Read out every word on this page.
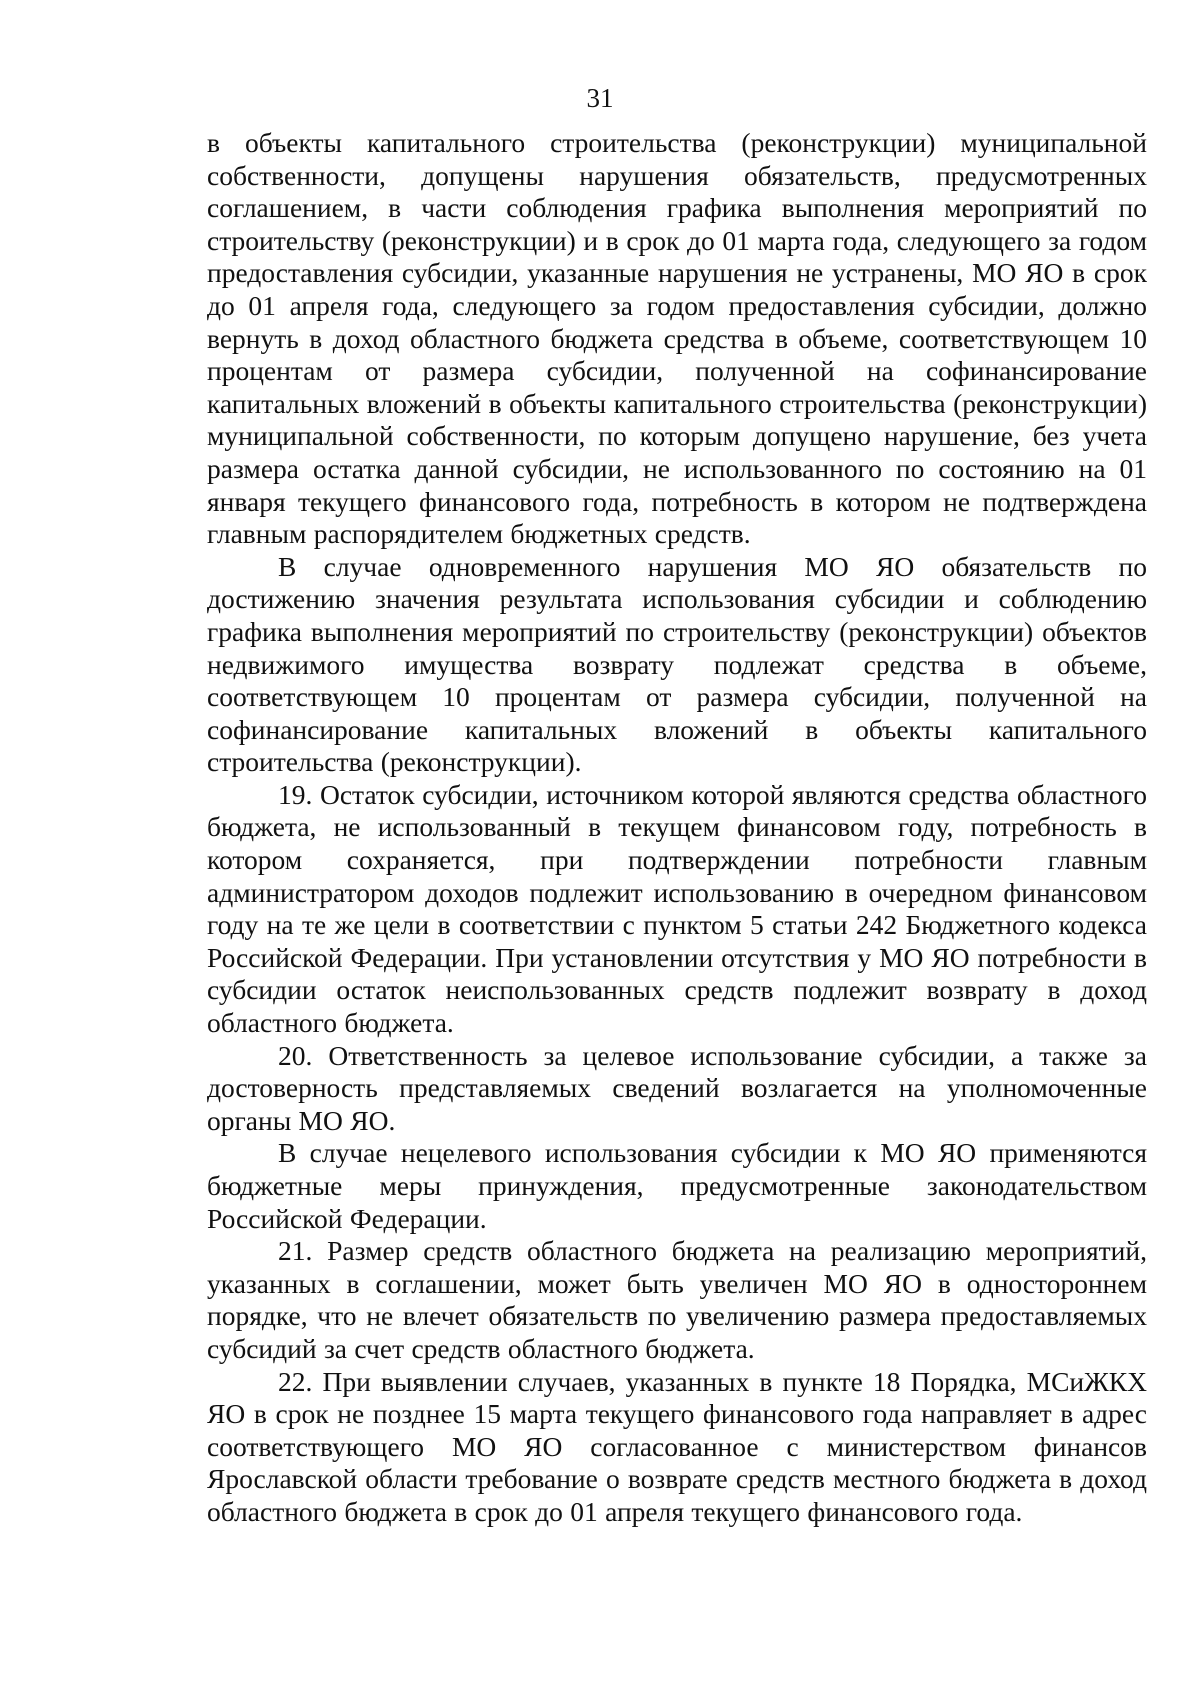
31

в объекты капитального строительства (реконструкции) муниципальной собственности, допущены нарушения обязательств, предусмотренных соглашением, в части соблюдения графика выполнения мероприятий по строительству (реконструкции) и в срок до 01 марта года, следующего за годом предоставления субсидии, указанные нарушения не устранены, МО ЯО в срок до 01 апреля года, следующего за годом предоставления субсидии, должно вернуть в доход областного бюджета средства в объеме, соответствующем 10 процентам от размера субсидии, полученной на софинансирование капитальных вложений в объекты капитального строительства (реконструкции) муниципальной собственности, по которым допущено нарушение, без учета размера остатка данной субсидии, не использованного по состоянию на 01 января текущего финансового года, потребность в котором не подтверждена главным распорядителем бюджетных средств.

В случае одновременного нарушения МО ЯО обязательств по достижению значения результата использования субсидии и соблюдению графика выполнения мероприятий по строительству (реконструкции) объектов недвижимого имущества возврату подлежат средства в объеме, соответствующем 10 процентам от размера субсидии, полученной на софинансирование капитальных вложений в объекты капитального строительства (реконструкции).

19. Остаток субсидии, источником которой являются средства областного бюджета, не использованный в текущем финансовом году, потребность в котором сохраняется, при подтверждении потребности главным администратором доходов подлежит использованию в очередном финансовом году на те же цели в соответствии с пунктом 5 статьи 242 Бюджетного кодекса Российской Федерации. При установлении отсутствия у МО ЯО потребности в субсидии остаток неиспользованных средств подлежит возврату в доход областного бюджета.

20. Ответственность за целевое использование субсидии, а также за достоверность представляемых сведений возлагается на уполномоченные органы МО ЯО.

В случае нецелевого использования субсидии к МО ЯО применяются бюджетные меры принуждения, предусмотренные законодательством Российской Федерации.

21. Размер средств областного бюджета на реализацию мероприятий, указанных в соглашении, может быть увеличен МО ЯО в одностороннем порядке, что не влечет обязательств по увеличению размера предоставляемых субсидий за счет средств областного бюджета.

22. При выявлении случаев, указанных в пункте 18 Порядка, МСиЖКХ ЯО в срок не позднее 15 марта текущего финансового года направляет в адрес соответствующего МО ЯО согласованное с министерством финансов Ярославской области требование о возврате средств местного бюджета в доход областного бюджета в срок до 01 апреля текущего финансового года.
